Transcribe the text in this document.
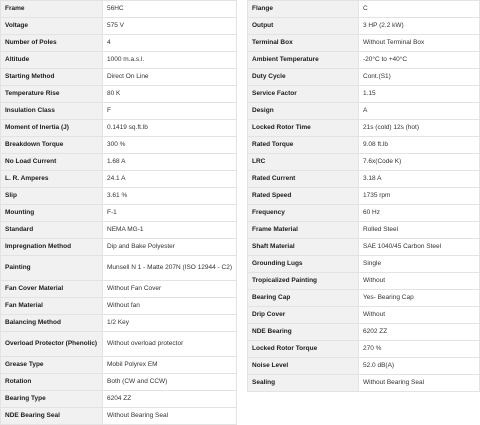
Frame	56HC
Voltage	575 V
Number of Poles	4
Altitude	1000 m.a.s.l.
Starting Method	Direct On Line
Temperature Rise	80 K
Insulation Class	F
Moment of Inertia (J)	0.1419 sq.ft.lb
Breakdown Torque	300 %
No Load Current	1.68 A
L. R. Amperes	24.1 A
Slip	3.61 %
Mounting	F-1
Standard	NEMA MG-1
Impregnation Method	Dip and Bake Polyester
Painting	Munsell N 1 - Matte 207N (ISO 12944 - C2)
Fan Cover Material	Without Fan Cover
Fan Material	Without fan
Balancing Method	1/2 Key
Overload Protector (Phenolic)	Without overload protector
Grease Type	Mobil Polyrex EM
Rotation	Both (CW and CCW)
Bearing Type	6204 ZZ
NDE Bearing Seal	Without Bearing Seal
Flange	C
Output	3 HP (2.2 kW)
Terminal Box	Without Terminal Box
Ambient Temperature	-20°C to +40°C
Duty Cycle	Cont.(S1)
Service Factor	1.15
Design	A
Locked Rotor Time	21s (cold) 12s (hot)
Rated Torque	9.08 ft.lb
LRC	7.6x(Code K)
Rated Current	3.18 A
Rated Speed	1735 rpm
Frequency	60 Hz
Frame Material	Rolled Steel
Shaft Material	SAE 1040/45 Carbon Steel
Grounding Lugs	Single
Tropicalized Painting	Without
Bearing Cap	Yes- Bearing Cap
Drip Cover	Without
NDE Bearing	6202 ZZ
Locked Rotor Torque	270 %
Noise Level	52.0 dB(A)
Sealing	Without Bearing Seal
